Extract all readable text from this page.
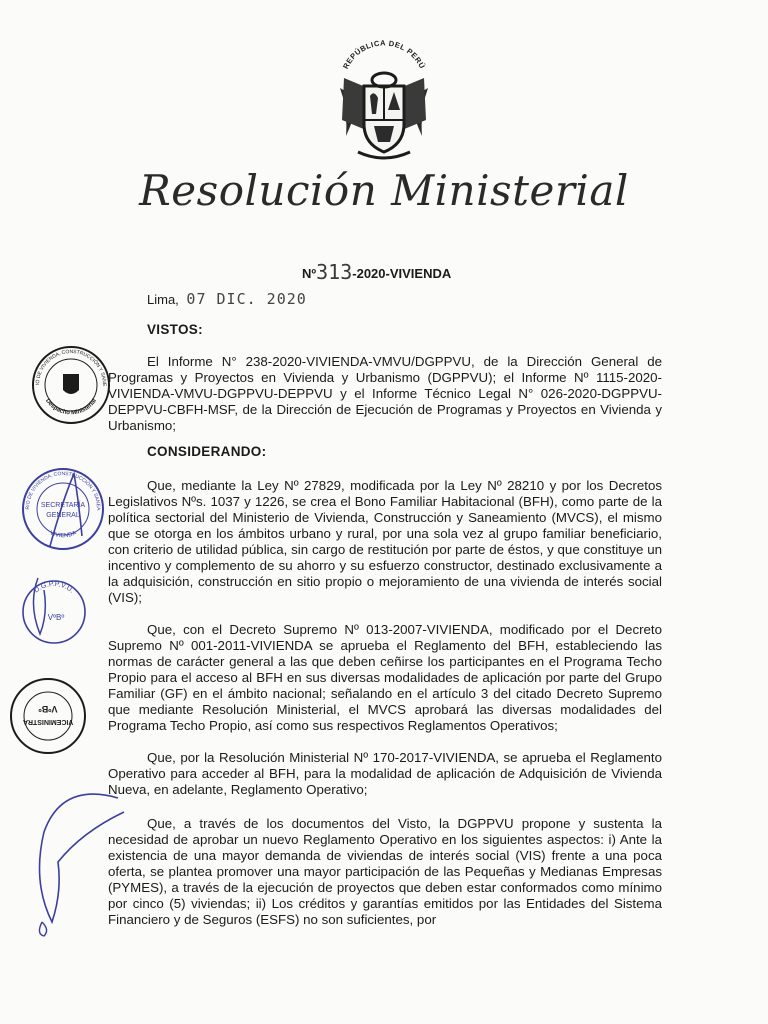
REPÚBLICA DEL PERÚ
Resolución Ministerial
Nº313-2020-VIVIENDA
Lima, 07 DIC. 2020
VISTOS:

El Informe N° 238-2020-VIVIENDA-VMVU/DGPPVU, de la Dirección General de Programas y Proyectos en Vivienda y Urbanismo (DGPPVU); el Informe Nº 1115-2020-VIVIENDA-VMVU-DGPPVU-DEPPVU y el Informe Técnico Legal N° 026-2020-DGPPVU-DEPPVU-CBFH-MSF, de la Dirección de Ejecución de Programas y Proyectos en Vivienda y Urbanismo;

CONSIDERANDO:

Que, mediante la Ley Nº 27829, modificada por la Ley Nº 28210 y por los Decretos Legislativos Nºs. 1037 y 1226, se crea el Bono Familiar Habitacional (BFH), como parte de la política sectorial del Ministerio de Vivienda, Construcción y Saneamiento (MVCS), el mismo que se otorga en los ámbitos urbano y rural, por una sola vez al grupo familiar beneficiario, con criterio de utilidad pública, sin cargo de restitución por parte de éstos, y que constituye un incentivo y complemento de su ahorro y su esfuerzo constructor, destinado exclusivamente a la adquisición, construcción en sitio propio o mejoramiento de una vivienda de interés social (VIS);

Que, con el Decreto Supremo Nº 013-2007-VIVIENDA, modificado por el Decreto Supremo Nº 001-2011-VIVIENDA se aprueba el Reglamento del BFH, estableciendo las normas de carácter general a las que deben ceñirse los participantes en el Programa Techo Propio para el acceso al BFH en sus diversas modalidades de aplicación por parte del Grupo Familiar (GF) en el ámbito nacional; señalando en el artículo 3 del citado Decreto Supremo que mediante Resolución Ministerial, el MVCS aprobará las diversas modalidades del Programa Techo Propio, así como sus respectivos Reglamentos Operativos;

Que, por la Resolución Ministerial Nº 170-2017-VIVIENDA, se aprueba el Reglamento Operativo para acceder al BFH, para la modalidad de aplicación de Adquisición de Vivienda Nueva, en adelante, Reglamento Operativo;

Que, a través de los documentos del Visto, la DGPPVU propone y sustenta la necesidad de aprobar un nuevo Reglamento Operativo en los siguientes aspectos: i) Ante la existencia de una mayor demanda de viviendas de interés social (VIS) frente a una poca oferta, se plantea promover una mayor participación de las Pequeñas y Medianas Empresas (PYMES), a través de la ejecución de proyectos que deben estar conformados como mínimo por cinco (5) viviendas; ii) Los créditos y garantías emitidos por las Entidades del Sistema Financiero y de Seguros (ESFS) no son suficientes, por

IO DE VIVIENDA, CONSTRUCCIÓN Y SANE
Despacho Ministerial
RIO DE VIVIENDA, CONSTRUCCIÓN Y SANEA
SECRETARÍA
GENERAL
VIVIENDA
D.G.P.P.V.U.
VºBº
VICEMINISTRA
VºBº
